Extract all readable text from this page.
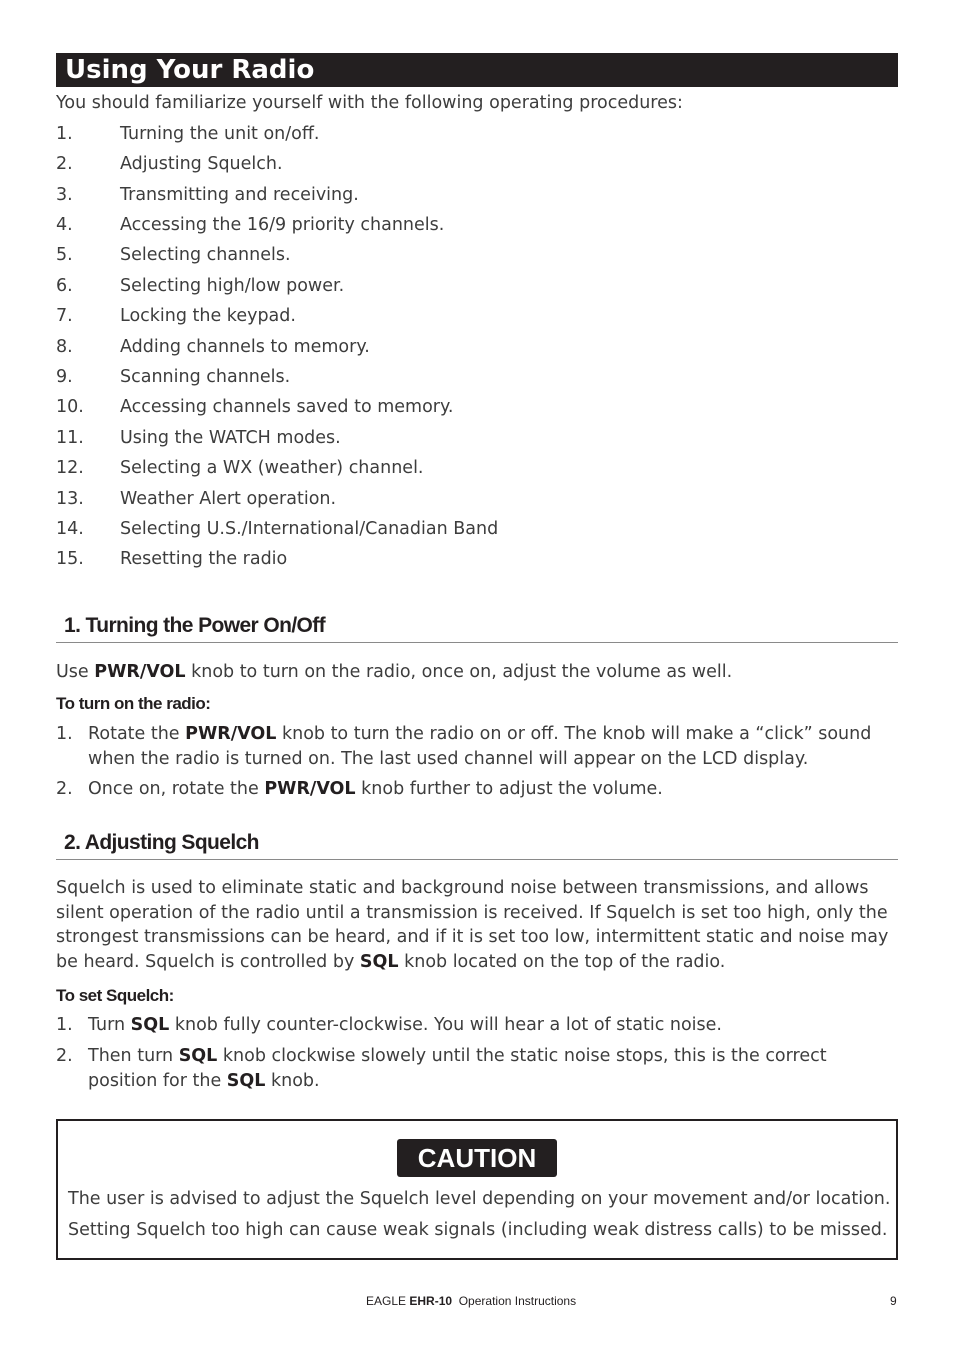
Using Your Radio
You should familiarize yourself with the following operating procedures:
1.	Turning the unit on/off.
2.	Adjusting Squelch.
3.	Transmitting and receiving.
4.	Accessing the 16/9 priority channels.
5.	Selecting channels.
6.	Selecting high/low power.
7.	Locking the keypad.
8.	Adding channels to memory.
9.	Scanning channels.
10. Accessing channels saved to memory.
11. Using the WATCH modes.
12. Selecting a WX (weather) channel.
13. Weather Alert operation.
14. Selecting U.S./International/Canadian Band
15. Resetting the radio
1. Turning the Power On/Off
Use PWR/VOL knob to turn on the radio, once on, adjust the volume as well.
To turn on the radio:
1. Rotate the PWR/VOL knob to turn the radio on or off. The knob will make a “click” sound when the radio is turned on. The last used channel will appear on the LCD display.
2. Once on, rotate the PWR/VOL knob further to adjust the volume.
2. Adjusting Squelch
Squelch is used to eliminate static and background noise between transmissions, and allows silent operation of the radio until a transmission is received. If Squelch is set too high, only the strongest transmissions can be heard, and if it is set too low, intermittent static and noise may be heard. Squelch is controlled by SQL knob located on the top of the radio.
To set Squelch:
1. Turn SQL knob fully counter-clockwise. You will hear a lot of static noise.
2. Then turn SQL knob clockwise slowely until the static noise stops, this is the correct position for the SQL knob.
CAUTION
The user is advised to adjust the Squelch level depending on your movement and/or location.
Setting Squelch too high can cause weak signals (including weak distress calls) to be missed.
EAGLE EHR-10  Operation Instructions	9
